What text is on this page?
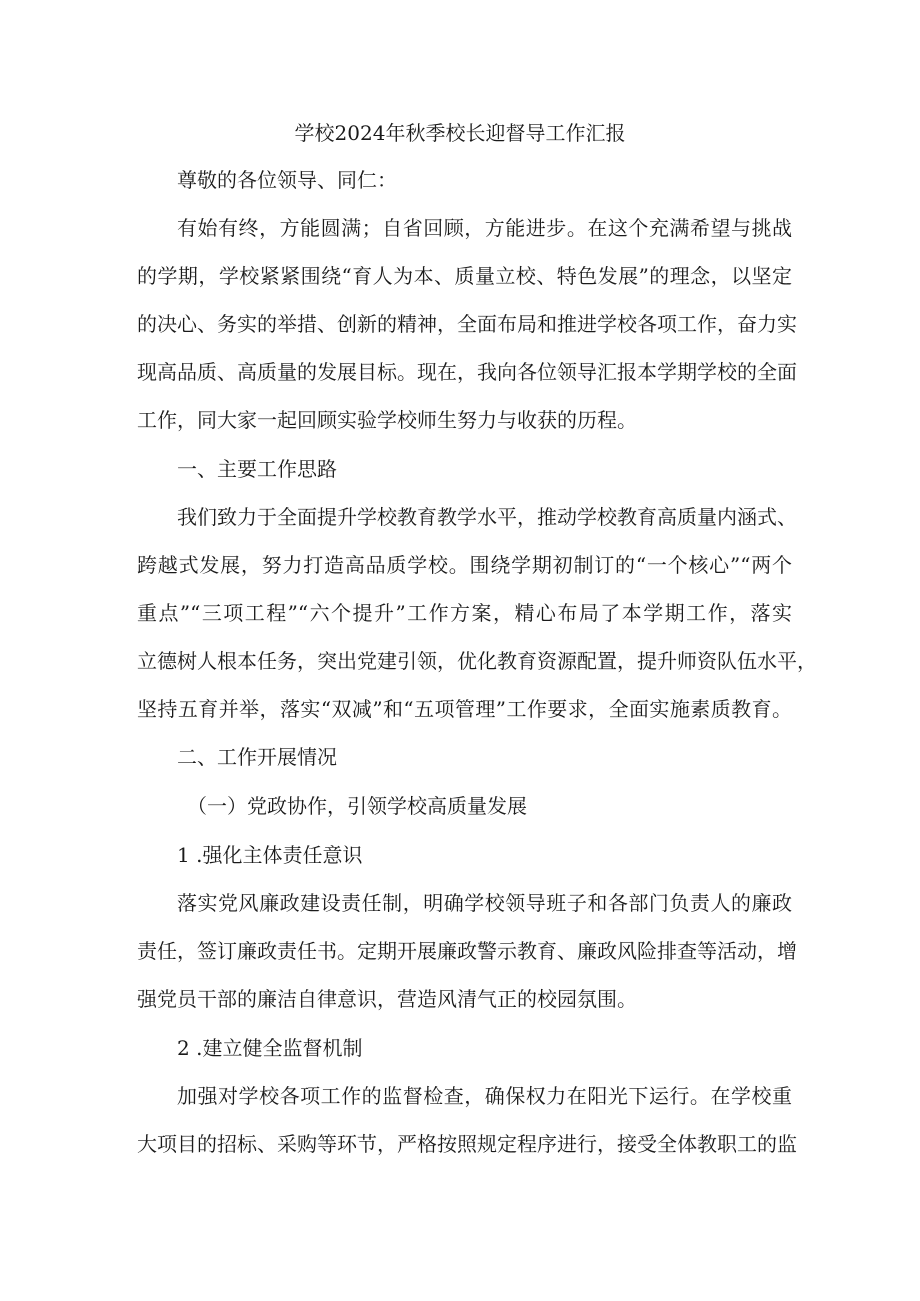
学校2024年秋季校长迎督导工作汇报
尊敬的各位领导、同仁：
有始有终，方能圆满；自省回顾，方能进步。在这个充满希望与挑战
的学期，学校紧紧围绕“育人为本、质量立校、特色发展”的理念，以坚定
的决心、务实的举措、创新的精神，全面布局和推进学校各项工作，奋力实
现高品质、高质量的发展目标。现在，我向各位领导汇报本学期学校的全面
工作，同大家一起回顾实验学校师生努力与收获的历程。
一、主要工作思路
我们致力于全面提升学校教育教学水平，推动学校教育高质量内涵式、
跨越式发展，努力打造高品质学校。围绕学期初制订的“一个核心”“两个
重点”“三项工程”“六个提升”工作方案，精心布局了本学期工作，落实
立德树人根本任务，突出党建引领，优化教育资源配置，提升师资队伍水平，
坚持五育并举，落实“双减”和“五项管理”工作要求，全面实施素质教育。
二、工作开展情况
（一）党政协作，引领学校高质量发展
1 .强化主体责任意识
落实党风廉政建设责任制，明确学校领导班子和各部门负责人的廉政
责任，签订廉政责任书。定期开展廉政警示教育、廉政风险排查等活动，增
强党员干部的廉洁自律意识，营造风清气正的校园氛围。
2 .建立健全监督机制
加强对学校各项工作的监督检查，确保权力在阳光下运行。在学校重
大项目的招标、采购等环节，严格按照规定程序进行，接受全体教职工的监
